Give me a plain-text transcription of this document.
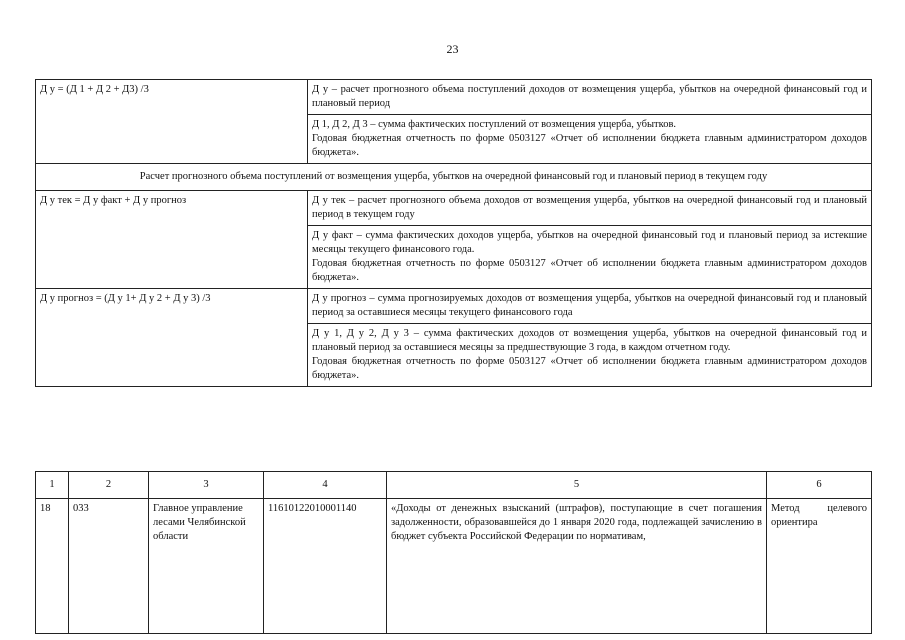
23
Д у = (Д 1 + Д 2 + Д3) /3	Д у – расчет прогнозного объема поступлений доходов от возмещения ущерба, убытков на очередной финансовый год и плановый период

	Д 1, Д 2, Д 3 – сумма фактических поступлений от возмещения ущерба, убытков.
Годовая бюджетная отчетность по форме 0503127 «Отчет об исполнении бюджета главным администратором доходов бюджета».

Расчет прогнозного объема поступлений от возмещения ущерба, убытков на очередной финансовый год и плановый период в текущем году	
Д у тек = Д у факт + Д у прогноз	Д у тек – расчет прогнозного объема доходов от возмещения ущерба, убытков на очередной финансовый год и плановый период в текущем году

	Д у факт – сумма фактических доходов ущерба, убытков на очередной финансовый год и плановый период за истекшие месяцы текущего финансового года.
Годовая бюджетная отчетность по форме 0503127 «Отчет об исполнении бюджета главным администратором доходов бюджета».

Д у прогноз = (Д у 1+ Д у 2 + Д у 3) /3	Д у прогноз – сумма прогнозируемых доходов от возмещения ущерба, убытков на очередной финансовый год и плановый период за оставшиеся месяцы текущего финансового года

	Д у 1, Д у 2, Д у 3 – сумма фактических доходов от возмещения ущерба, убытков на очередной финансовый год и плановый период за оставшиеся месяцы за предшествующие 3 года, в каждом отчетном году.
Годовая бюджетная отчетность по форме 0503127 «Отчет об исполнении бюджета главным администратором доходов бюджета».
1	2	3	4	5	6
18	033	Главное управление лесами Челябинской области	11610122010001140	«Доходы от денежных взысканий (штрафов), поступающие в счет погашения задолженности, образовавшейся до 1 января 2020 года, подлежащей зачислению в бюджет субъекта Российской Федерации по нормативам,	Метод целевого ориентира
